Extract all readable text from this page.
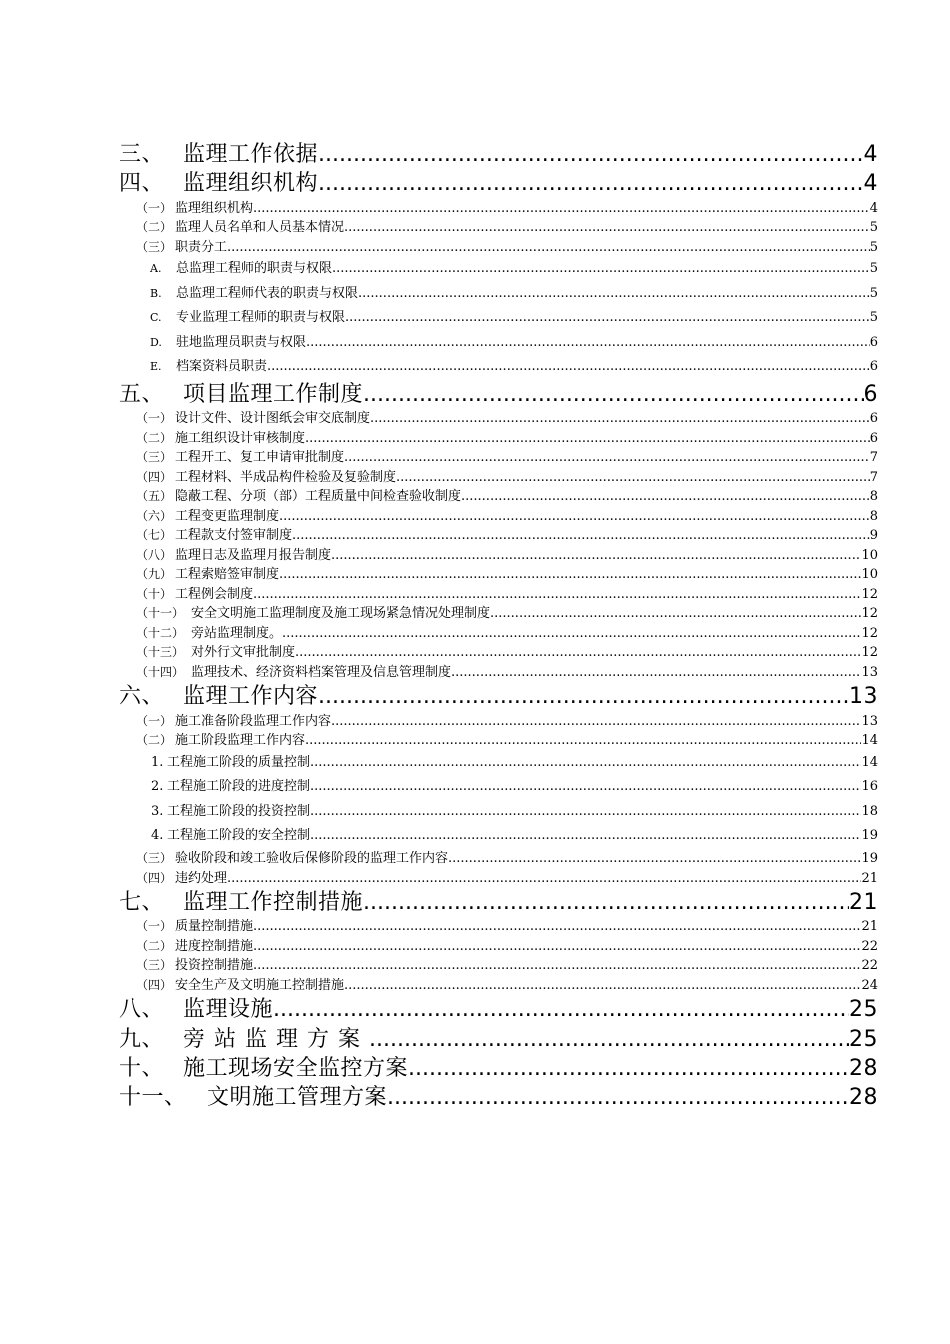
三、 监理工作依据 .....	4
四、 监理组织机构 .....	4
（一） 监理组织机构 .....	4
（二） 监理人员名单和人员基本情况 .....	5
（三） 职责分工 .....	5
A.	总监理工程师的职责与权限 .....	5
B.	总监理工程师代表的职责与权限 .....	5
C.	专业监理工程师的职责与权限 .....	5
D.	驻地监理员职责与权限 .....	6
E.	档案资料员职责 .....	6
五、 项目监理工作制度 .....	6
（一） 设计文件、设计图纸会审交底制度 .....	6
（二） 施工组织设计审核制度 .....	6
（三） 工程开工、复工申请审批制度 .....	7
（四） 工程材料、半成品构件检验及复验制度 .....	7
（五） 隐蔽工程、分项（部）工程质量中间检查验收制度 .....	8
（六） 工程变更监理制度 .....	8
（七） 工程款支付签审制度 .....	9
（八） 监理日志及监理月报告制度 .....	10
（九） 工程索赔签审制度 .....	10
（十） 工程例会制度 .....	12
（十一） 安全文明施工监理制度及施工现场紧急情况处理制度 .....	12
（十二） 旁站监理制度。 .....	12
（十三） 对外行文审批制度 .....	12
（十四） 监理技术、经济资料档案管理及信息管理制度 .....	13
六、 监理工作内容 .....	13
（一） 施工准备阶段监理工作内容 .....	13
（二） 施工阶段监理工作内容 .....	14
1. 工程施工阶段的质量控制 .....	14
2. 工程施工阶段的进度控制 .....	16
3. 工程施工阶段的投资控制 .....	18
4. 工程施工阶段的安全控制 .....	19
（三） 验收阶段和竣工验收后保修阶段的监理工作内容 .....	19
（四） 违约处理 .....	21
七、 监理工作控制措施 .....	21
（一） 质量控制措施 .....	21
（二） 进度控制措施 .....	22
（三） 投资控制措施 .....	22
（四） 安全生产及文明施工控制措施 .....	24
八、 监理设施 .....	25
九、 旁站监理方案 .....	25
十、 施工现场安全监控方案 .....	28
十一、 文明施工管理方案 .....	28
